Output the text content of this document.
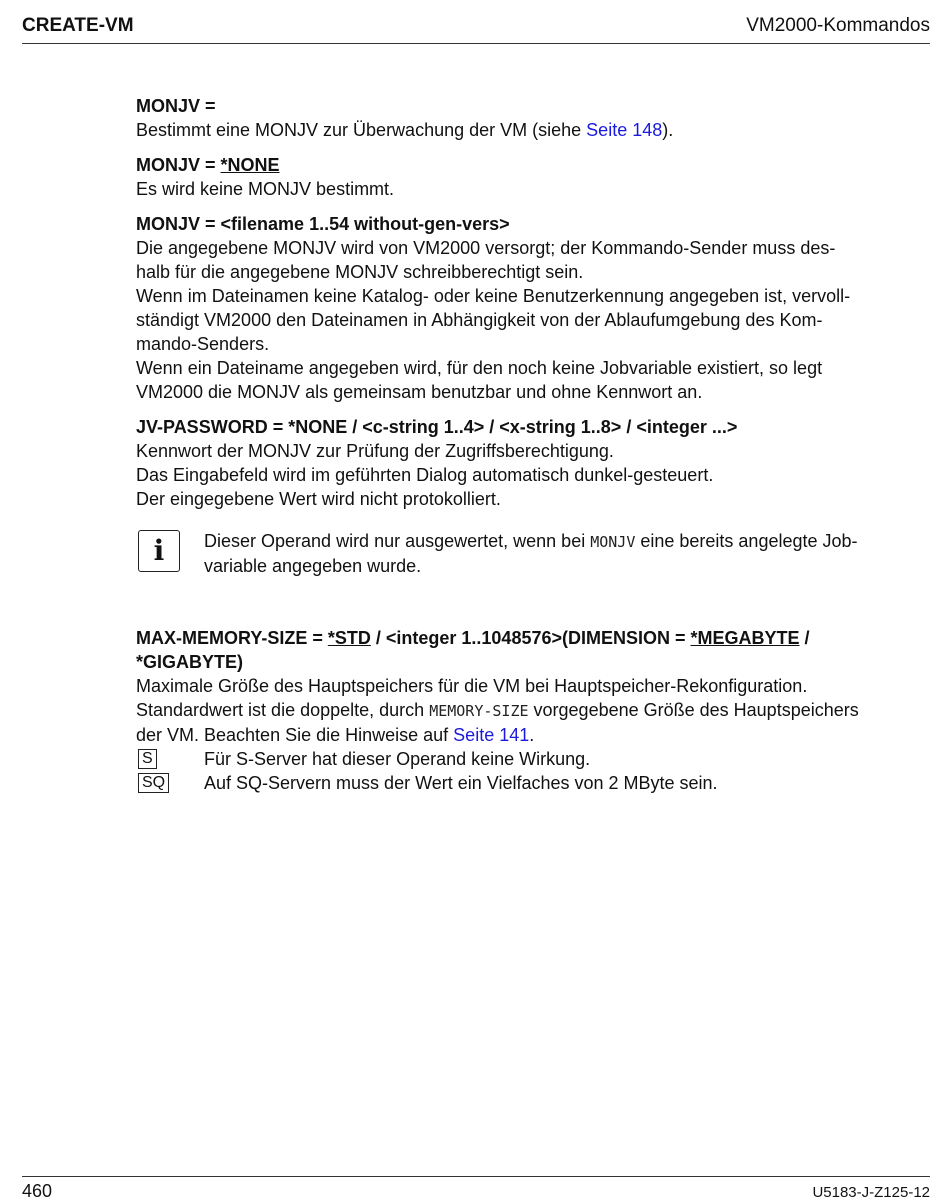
CREATE-VM	VM2000-Kommandos
MONJV =
Bestimmt eine MONJV zur Überwachung der VM (siehe Seite 148).
MONJV = *NONE
Es wird keine MONJV bestimmt.
MONJV = <filename 1..54 without-gen-vers>
Die angegebene MONJV wird von VM2000 versorgt; der Kommando-Sender muss des-
halb für die angegebene MONJV schreibberechtigt sein.
Wenn im Dateinamen keine Katalog- oder keine Benutzerkennung angegeben ist, vervoll-
ständigt VM2000 den Dateinamen in Abhängigkeit von der Ablaufumgebung des Kom-
mando-Senders.
Wenn ein Dateiname angegeben wird, für den noch keine Jobvariable existiert, so legt
VM2000 die MONJV als gemeinsam benutzbar und ohne Kennwort an.
JV-PASSWORD = *NONE / <c-string 1..4> / <x-string 1..8> / <integer ...>
Kennwort der MONJV zur Prüfung der Zugriffsberechtigung.
Das Eingabefeld wird im geführten Dialog automatisch dunkel-gesteuert.
Der eingegebene Wert wird nicht protokolliert.
i	Dieser Operand wird nur ausgewertet, wenn bei MONJV eine bereits angelegte Job-
variable angegeben wurde.
MAX-MEMORY-SIZE = *STD / <integer 1..1048576>(DIMENSION = *MEGABYTE /
*GIGABYTE)
Maximale Größe des Hauptspeichers für die VM bei Hauptspeicher-Rekonfiguration.
Standardwert ist die doppelte, durch MEMORY-SIZE vorgegebene Größe des Hauptspeichers
der VM. Beachten Sie die Hinweise auf Seite 141.
S	Für S-Server hat dieser Operand keine Wirkung.
SQ Auf SQ-Servern muss der Wert ein Vielfaches von 2 MByte sein.
460	U5183-J-Z125-12
